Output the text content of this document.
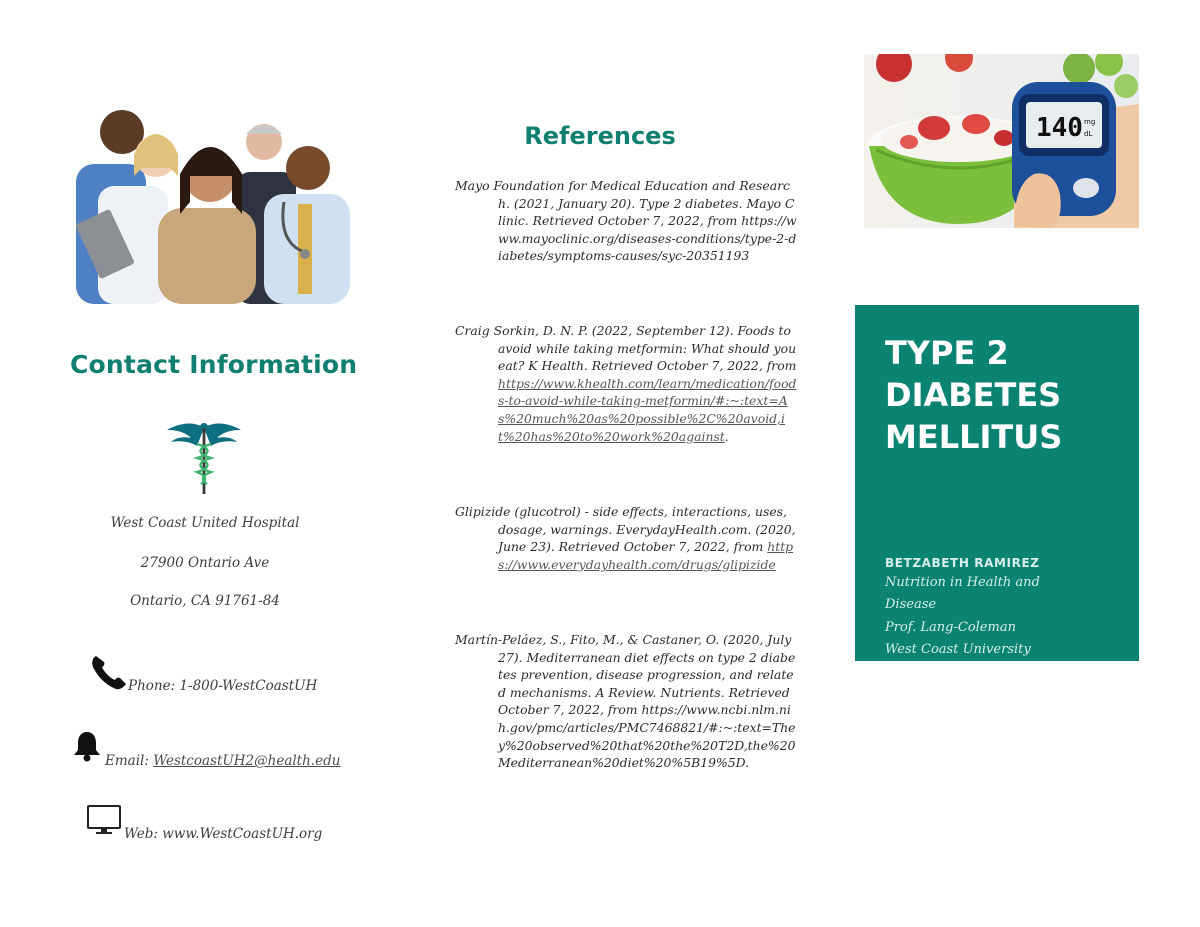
Contact Information
West Coast United Hospital
27900 Ontario Ave
Ontario, CA 91761-84
Phone: 1-800-WestCoastUH
Email: WestcoastUH2@health.edu
Web: www.WestCoastUH.org
References
Mayo Foundation for Medical Education and Research. (2021, January 20). Type 2 diabetes. Mayo Clinic. Retrieved October 7, 2022, from https://www.mayoclinic.org/diseases-conditions/type-2-diabetes/symptoms-causes/syc-20351193
Craig Sorkin, D. N. P. (2022, September 12). Foods to avoid while taking metformin: What should you eat? K Health. Retrieved October 7, 2022, from https://www.khealth.com/learn/medication/foods-to-avoid-while-taking-metformin/#:~:text=As%20much%20as%20possible%2C%20avoid,it%20has%20to%20work%20against.
Glipizide (glucotrol) - side effects, interactions, uses, dosage, warnings. EverydayHealth.com. (2020, June 23). Retrieved October 7, 2022, from https://www.everydayhealth.com/drugs/glipizide
Martín-Peláez, S., Fito, M., & Castaner, O. (2020, July 27). Mediterranean diet effects on type 2 diabetes prevention, disease progression, and related mechanisms. A Review. Nutrients. Retrieved October 7, 2022, from https://www.ncbi.nlm.nih.gov/pmc/articles/PMC7468821/#:~:text=They%20observed%20that%20the%20T2D,the%20Mediterranean%20diet%20%5B19%5D.
140 mg
dL
TYPE 2
DIABETES
MELLITUS
BETZABETH RAMIREZ
Nutrition in Health and
Disease
Prof. Lang-Coleman
West Coast University
